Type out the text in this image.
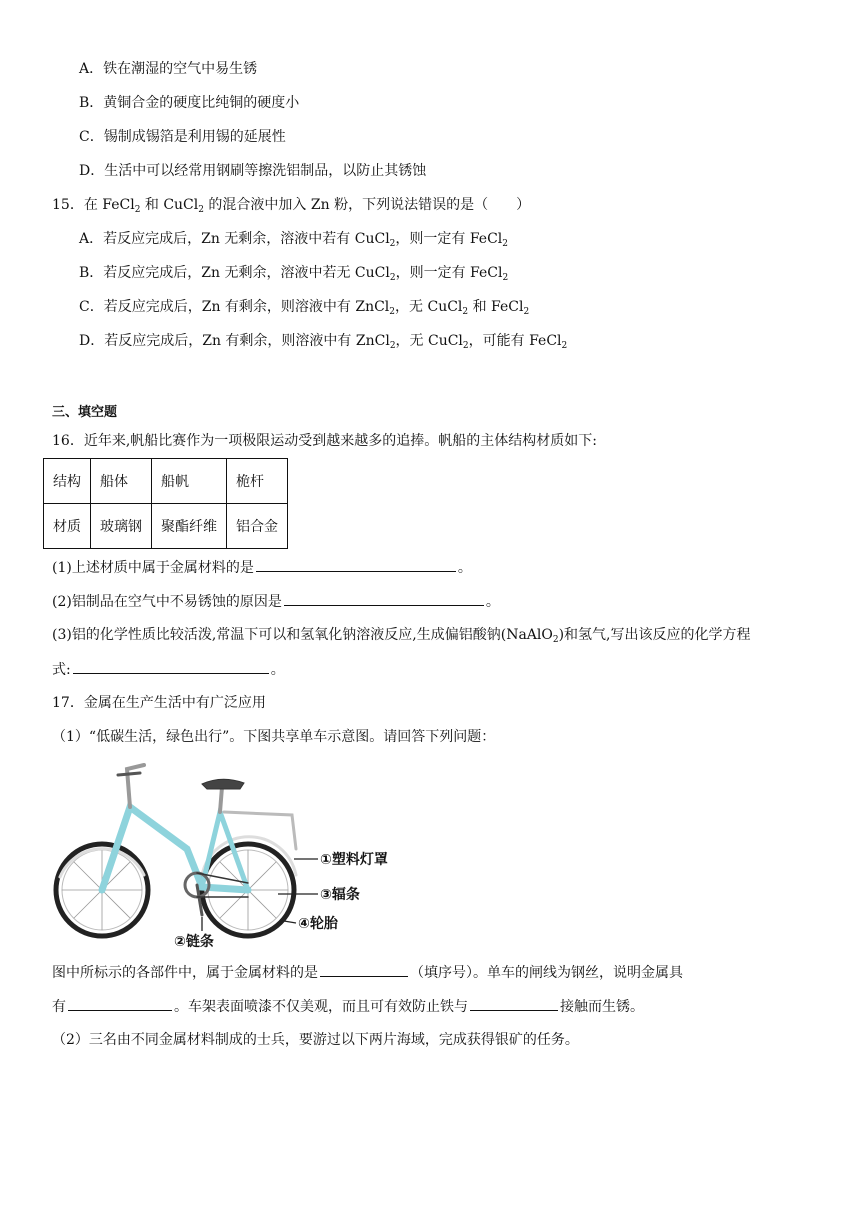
A．铁在潮湿的空气中易生锈
B．黄铜合金的硬度比纯铜的硬度小
C．锡制成锡箔是利用锡的延展性
D．生活中可以经常用钢刷等擦洗铝制品，以防止其锈蚀
15．在 FeCl$_2$ 和 CuCl$_2$ 的混合液中加入 Zn 粉，下列说法错误的是（　　）
A．若反应完成后，Zn 无剩余，溶液中若有 CuCl$_2$，则一定有 FeCl$_2$
B．若反应完成后，Zn 无剩余，溶液中若无 CuCl$_2$，则一定有 FeCl$_2$
C．若反应完成后，Zn 有剩余，则溶液中有 ZnCl$_2$，无 CuCl$_2$ 和 FeCl$_2$
D．若反应完成后，Zn 有剩余，则溶液中有 ZnCl$_2$，无 CuCl$_2$，可能有 FeCl$_2$
三、填空题
16．近年来,帆船比赛作为一项极限运动受到越来越多的追捧。帆船的主体结构材质如下:
结构	船体	船帆	桅杆
材质	玻璃钢	聚酯纤维	铝合金
(1)上述材质中属于金属材料的是	。
(2)铝制品在空气中不易锈蚀的原因是	。
(3)铝的化学性质比较活泼,常温下可以和氢氧化钠溶液反应,生成偏铝酸钠(NaAlO$_2$)和氢气,写出该反应的化学方程
式:	。
17．金属在生产生活中有广泛应用
（1）“低碳生活，绿色出行”。下图共享单车示意图。请回答下列问题：
①塑料灯罩
③辐条
④轮胎
②链条
图中所标示的各部件中，属于金属材料的是	（填序号）。单车的闸线为钢丝，说明金属具
有	。车架表面喷漆不仅美观，而且可有效防止铁与	接触而生锈。
（2）三名由不同金属材料制成的士兵，要游过以下两片海域，完成获得银矿的任务。
